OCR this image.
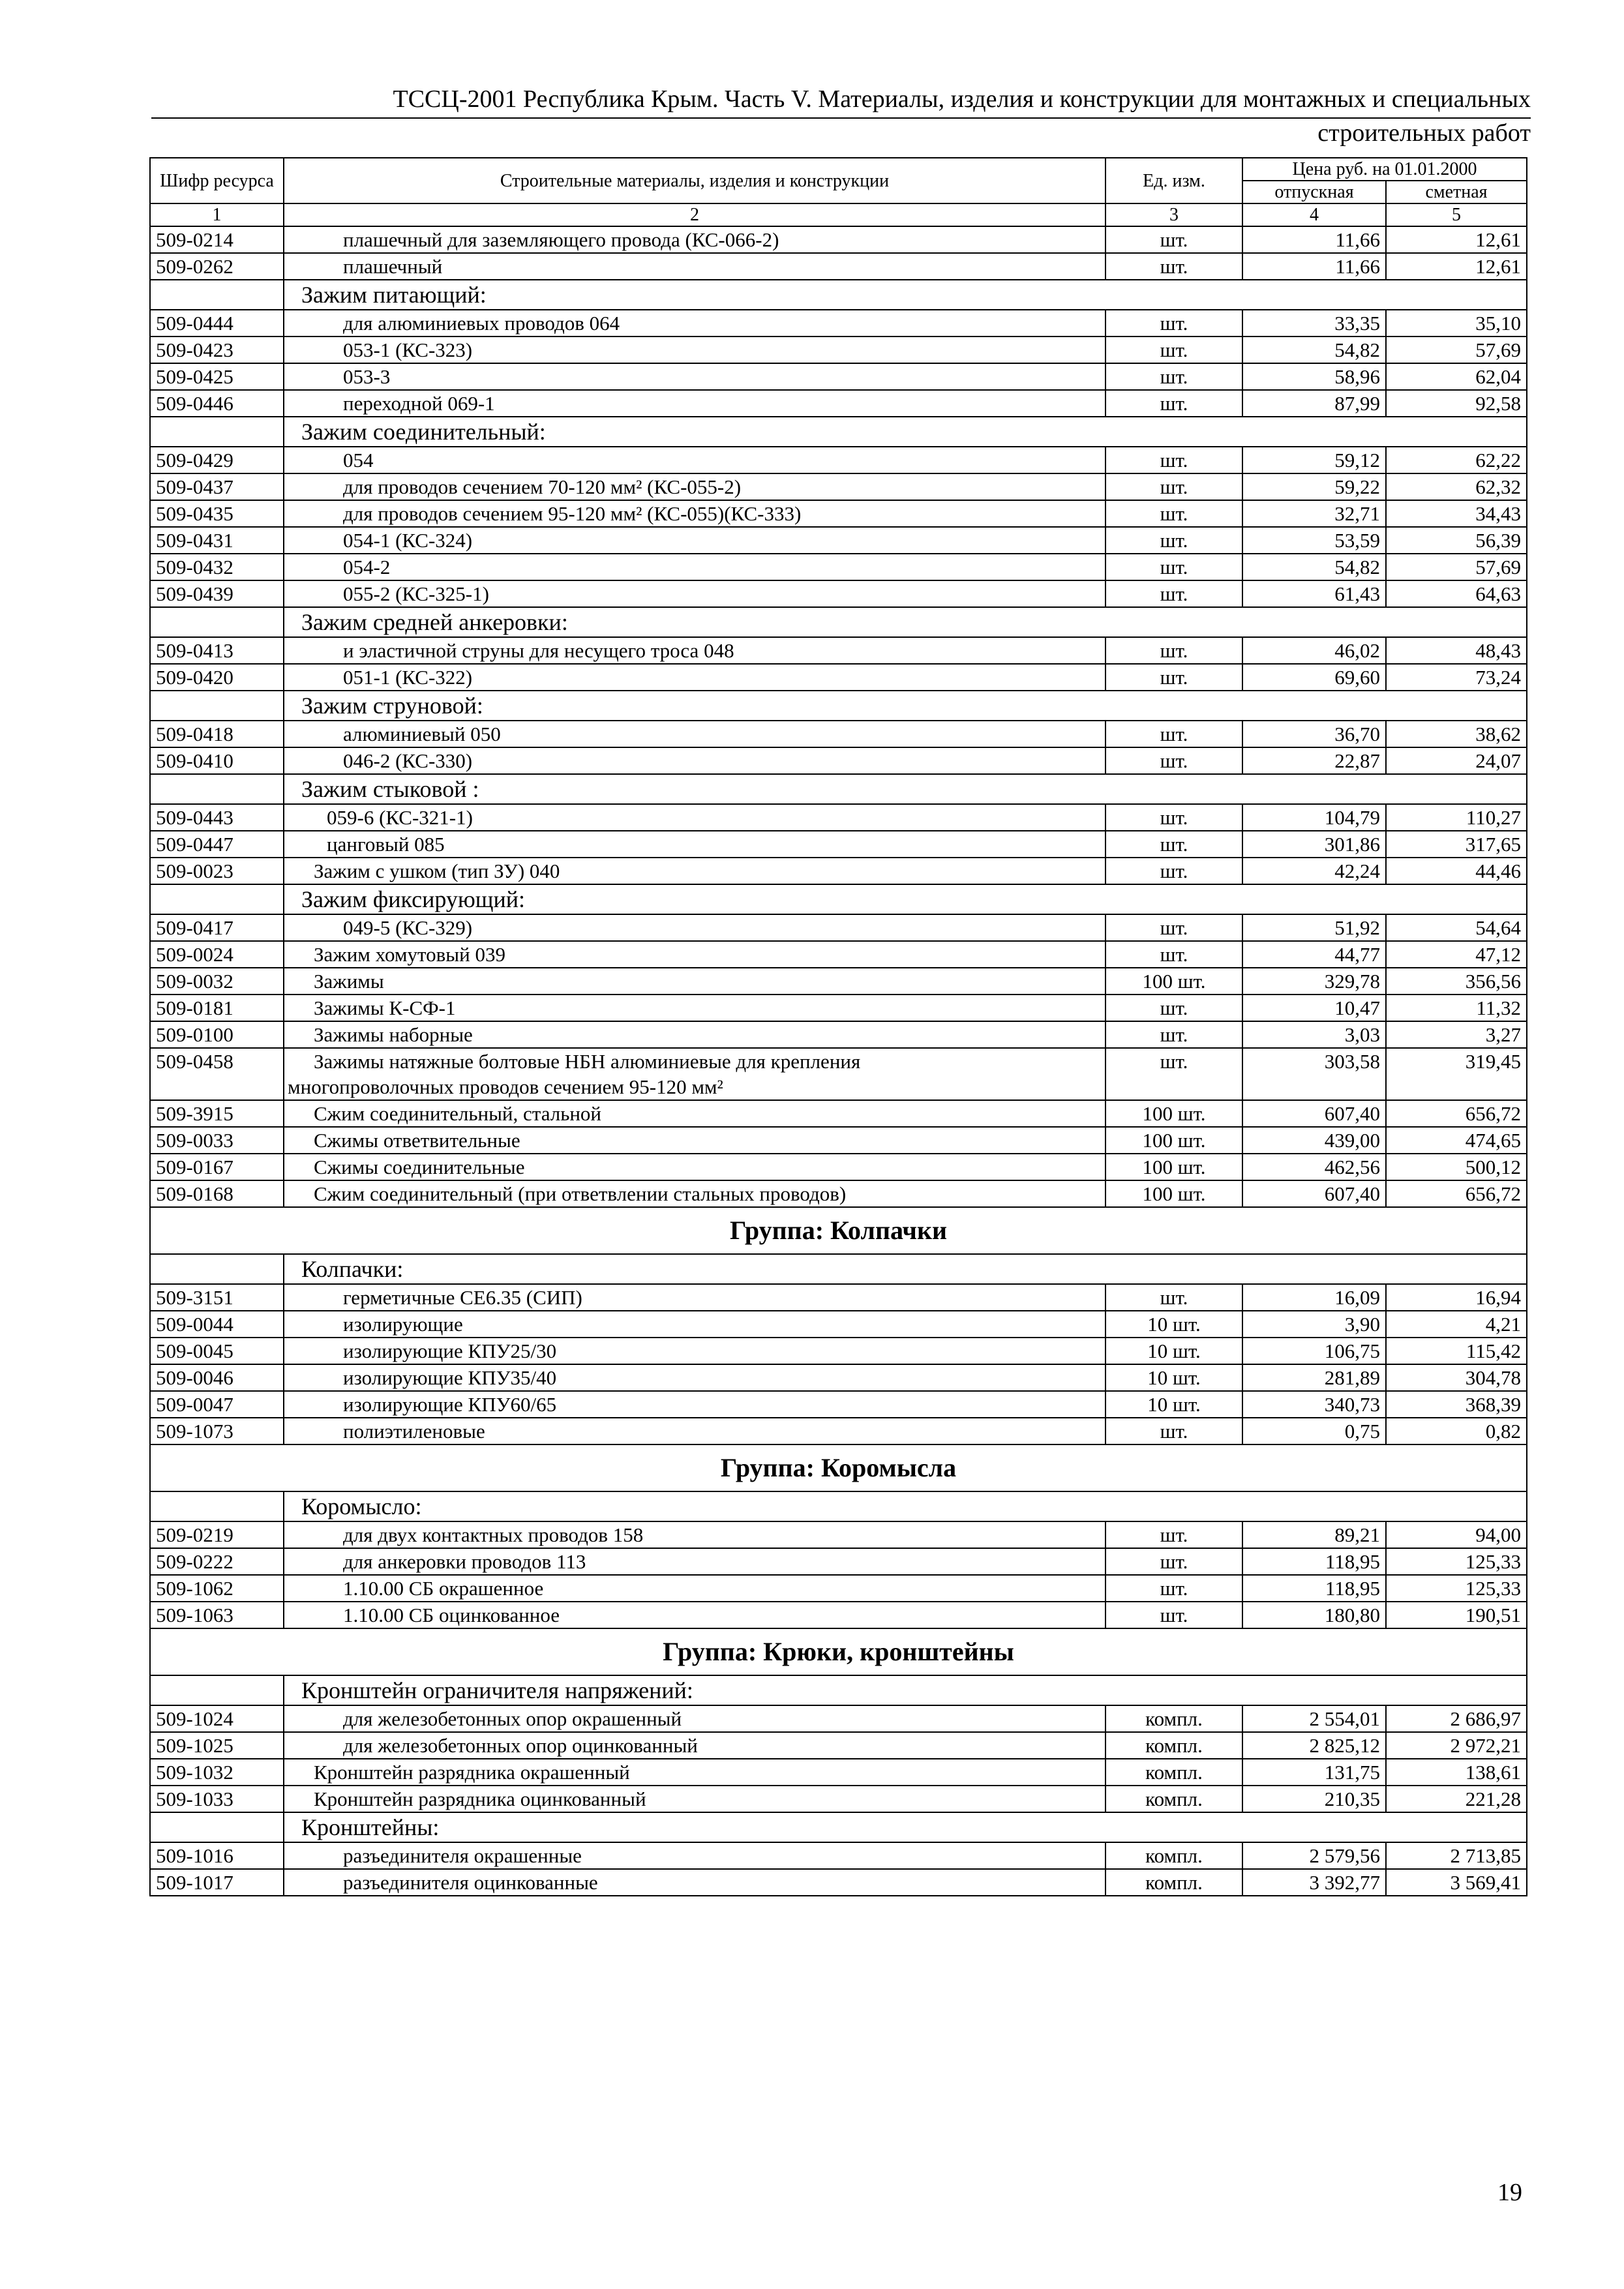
ТССЦ-2001 Республика Крым. Часть V. Материалы, изделия и конструкции для монтажных и специальных
строительных работ
Шифр ресурса	Строительные материалы, изделия и конструкции	Ед. изм.	Цена руб. на 01.01.2000	
			отпускная	сметная
1	2	3	4	5
509-0214	плашечный для заземляющего провода (КС-066-2)	шт.	11,66	12,61
509-0262	плашечный	шт.	11,66	12,61
	Зажим питающий:			
509-0444	для алюминиевых проводов 064	шт.	33,35	35,10
509-0423	053-1 (КС-323)	шт.	54,82	57,69
509-0425	053-3	шт.	58,96	62,04
509-0446	переходной 069-1	шт.	87,99	92,58
	Зажим соединительный:			
509-0429	054	шт.	59,12	62,22
509-0437	для проводов сечением 70-120 мм² (КС-055-2)	шт.	59,22	62,32
509-0435	для проводов сечением 95-120 мм² (КС-055)(КС-333)	шт.	32,71	34,43
509-0431	054-1 (КС-324)	шт.	53,59	56,39
509-0432	054-2	шт.	54,82	57,69
509-0439	055-2 (КС-325-1)	шт.	61,43	64,63
	Зажим средней анкеровки:			
509-0413	и эластичной струны для несущего троса 048	шт.	46,02	48,43
509-0420	051-1 (КС-322)	шт.	69,60	73,24
	Зажим струновой:			
509-0418	алюминиевый 050	шт.	36,70	38,62
509-0410	046-2 (КС-330)	шт.	22,87	24,07
	Зажим стыковой :			
509-0443	059-6 (КС-321-1)	шт.	104,79	110,27
509-0447	цанговый 085	шт.	301,86	317,65
509-0023	Зажим с ушком (тип ЗУ) 040	шт.	42,24	44,46
	Зажим фиксирующий:			
509-0417	049-5 (КС-329)	шт.	51,92	54,64
509-0024	Зажим хомутовый 039	шт.	44,77	47,12
509-0032	Зажимы	100 шт.	329,78	356,56
509-0181	Зажимы К-СФ-1	шт.	10,47	11,32
509-0100	Зажимы наборные	шт.	3,03	3,27
509-0458	Зажимы натяжные болтовые НБН алюминиевые для крепления
многопроволочных проводов сечением 95-120 мм²	шт.	303,58	319,45
509-3915	Сжим соединительный, стальной	100 шт.	607,40	656,72
509-0033	Сжимы ответвительные	100 шт.	439,00	474,65
509-0167	Сжимы соединительные	100 шт.	462,56	500,12
509-0168	Сжим соединительный (при ответвлении стальных проводов)	100 шт.	607,40	656,72
Группа: Колпачки				
	Колпачки:			
509-3151	герметичные СЕ6.35 (СИП)	шт.	16,09	16,94
509-0044	изолирующие	10 шт.	3,90	4,21
509-0045	изолирующие КПУ25/30	10 шт.	106,75	115,42
509-0046	изолирующие КПУ35/40	10 шт.	281,89	304,78
509-0047	изолирующие КПУ60/65	10 шт.	340,73	368,39
509-1073	полиэтиленовые	шт.	0,75	0,82
Группа: Коромысла				
	Коромысло:			
509-0219	для двух контактных проводов 158	шт.	89,21	94,00
509-0222	для анкеровки проводов 113	шт.	118,95	125,33
509-1062	1.10.00 СБ окрашенное	шт.	118,95	125,33
509-1063	1.10.00 СБ оцинкованное	шт.	180,80	190,51
Группа: Крюки, кронштейны				
	Кронштейн ограничителя напряжений:			
509-1024	для железобетонных опор окрашенный	компл.	2 554,01	2 686,97
509-1025	для железобетонных опор оцинкованный	компл.	2 825,12	2 972,21
509-1032	Кронштейн разрядника окрашенный	компл.	131,75	138,61
509-1033	Кронштейн разрядника оцинкованный	компл.	210,35	221,28
	Кронштейны:			
509-1016	разъединителя окрашенные	компл.	2 579,56	2 713,85
509-1017	разъединителя оцинкованные	компл.	3 392,77	3 569,41
19
